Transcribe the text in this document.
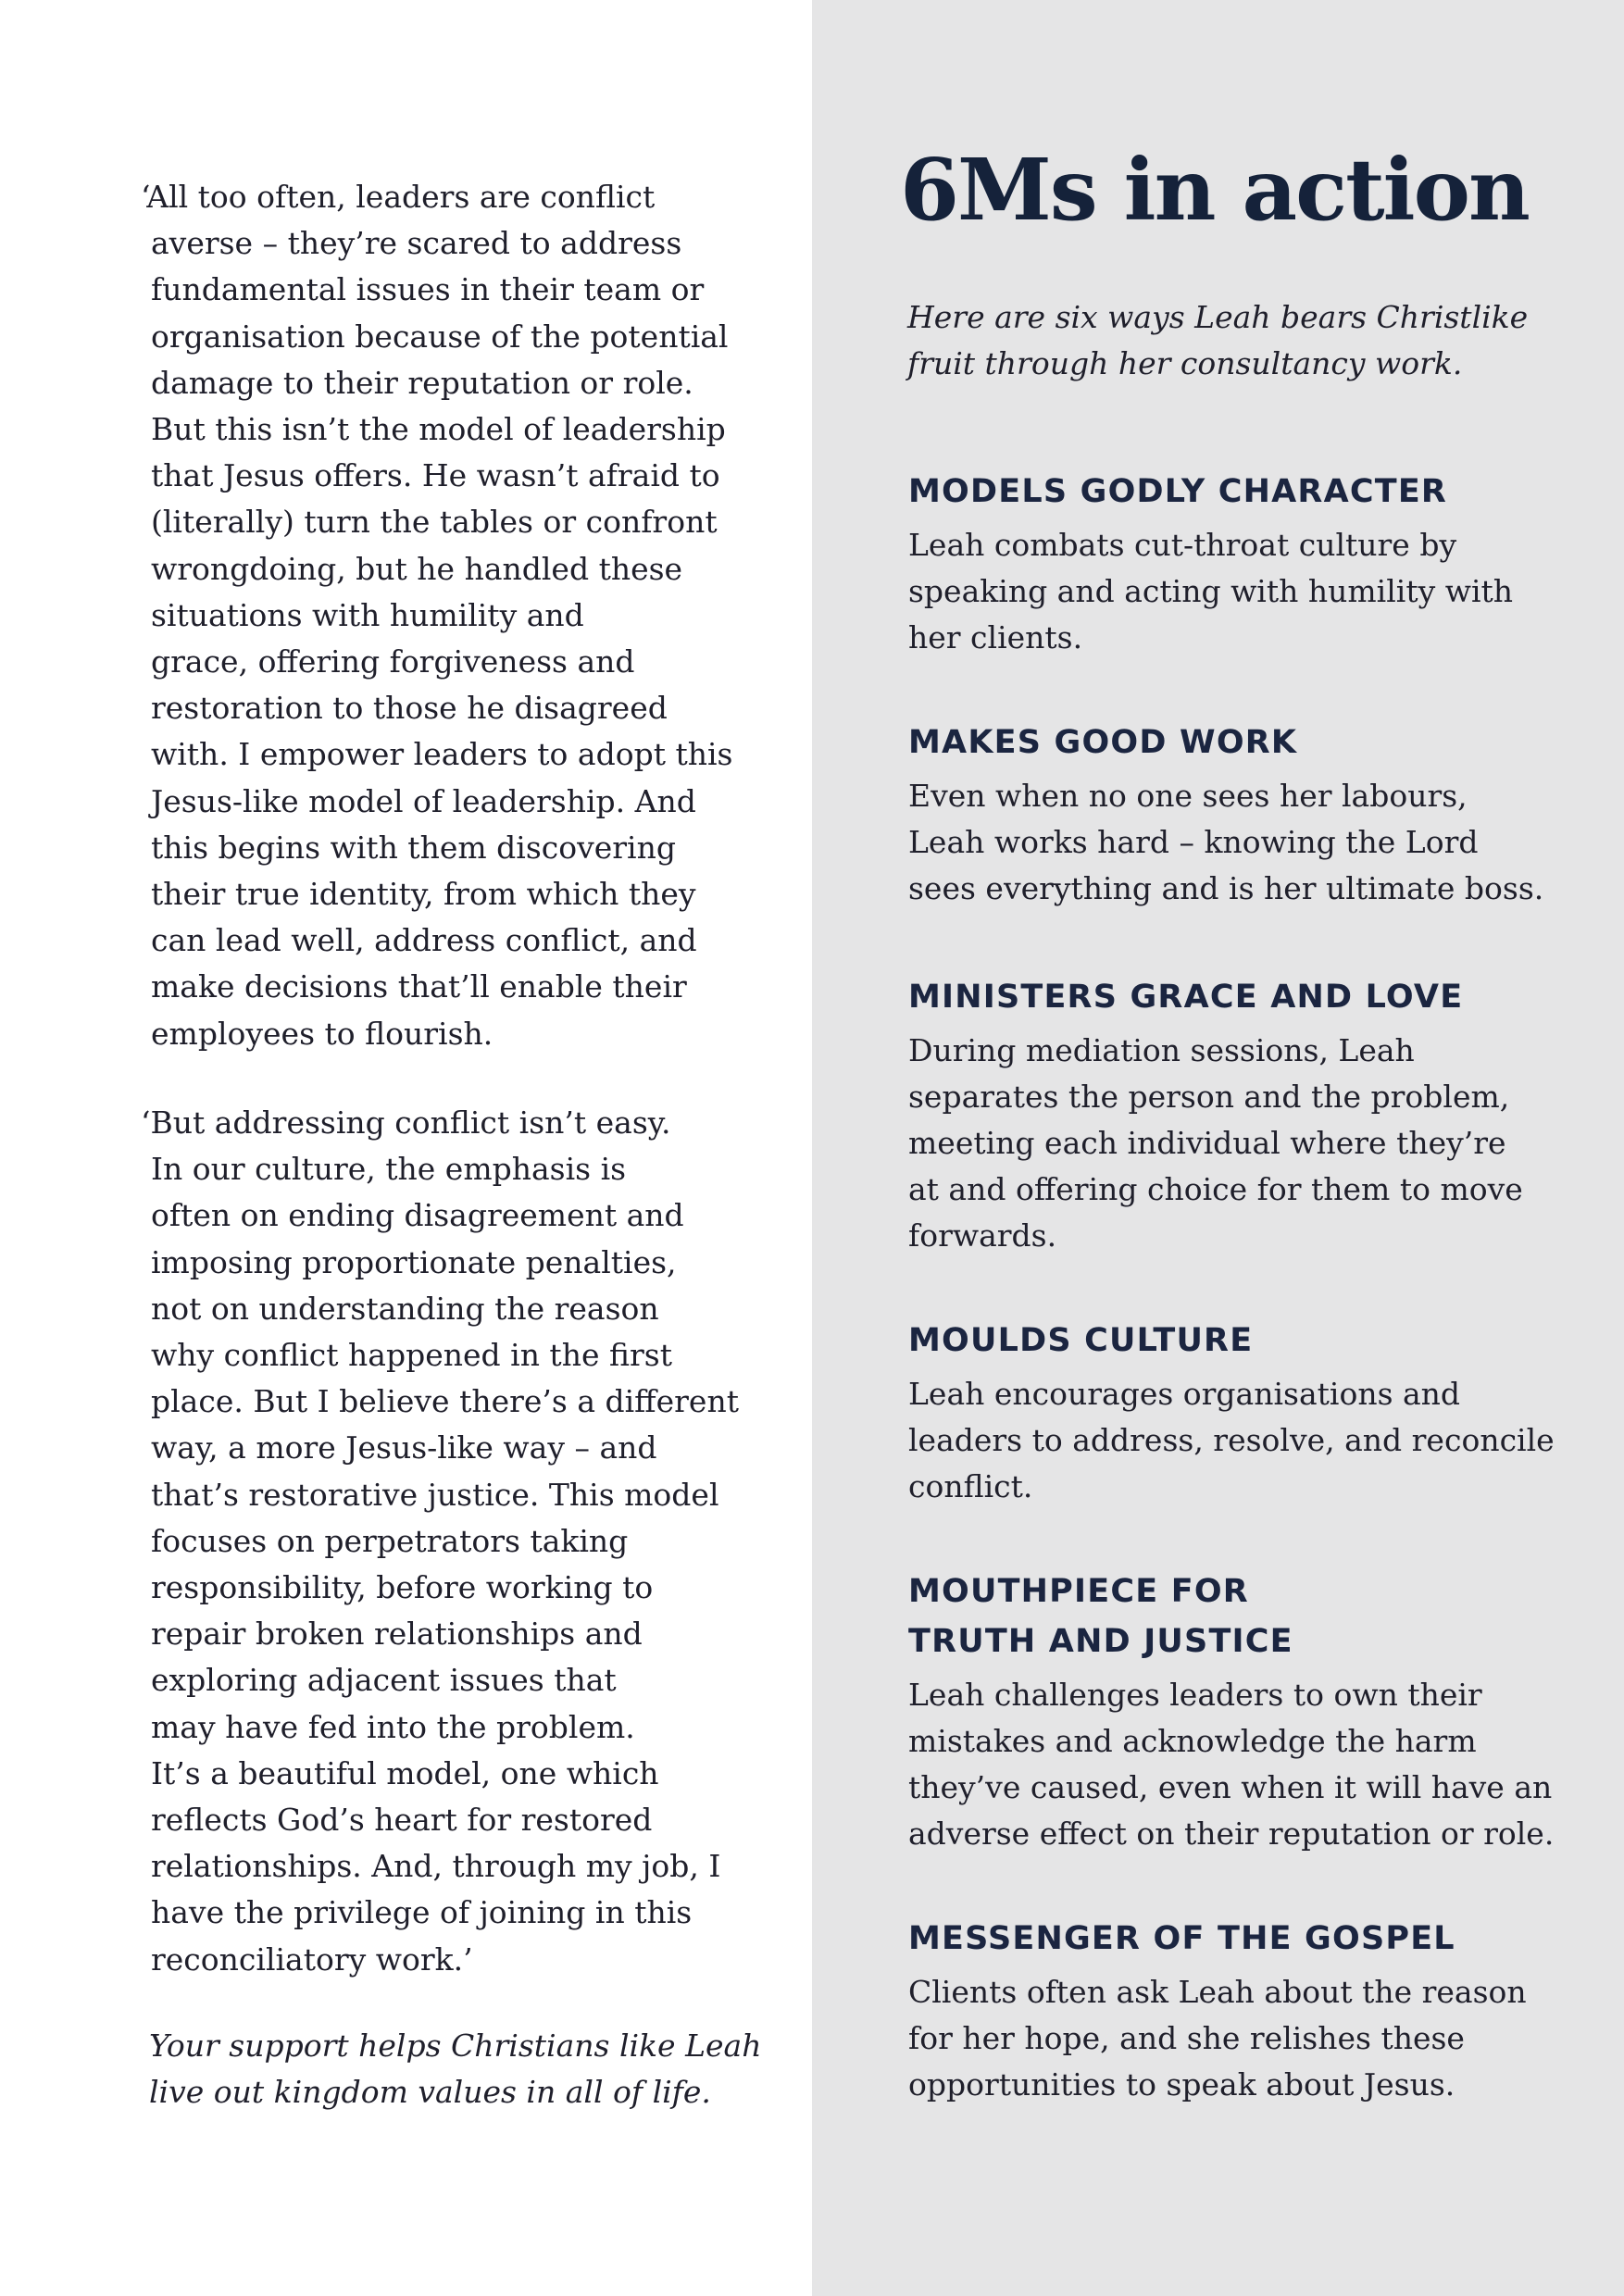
‘All too often, leaders are conflict
averse – they’re scared to address
fundamental issues in their team or
organisation because of the potential
damage to their reputation or role.
But this isn’t the model of leadership
that Jesus offers. He wasn’t afraid to
(literally) turn the tables or confront
wrongdoing, but he handled these
situations with humility and
grace, offering forgiveness and
restoration to those he disagreed
with. I empower leaders to adopt this
Jesus-like model of leadership. And
this begins with them discovering
their true identity, from which they
can lead well, address conflict, and
make decisions that’ll enable their
employees to flourish.

‘But addressing conflict isn’t easy.
In our culture, the emphasis is
often on ending disagreement and
imposing proportionate penalties,
not on understanding the reason
why conflict happened in the first
place. But I believe there’s a different
way, a more Jesus-like way – and
that’s restorative justice. This model
focuses on perpetrators taking
responsibility, before working to
repair broken relationships and
exploring adjacent issues that
may have fed into the problem.
It’s a beautiful model, one which
reflects God’s heart for restored
relationships. And, through my job, I
have the privilege of joining in this
reconciliatory work.’

Your support helps Christians like Leah
live out kingdom values in all of life.

6Ms in action

Here are six ways Leah bears Christlike
fruit through her consultancy work.

MODELS GODLY CHARACTER

Leah combats cut-throat culture by
speaking and acting with humility with
her clients.

MAKES GOOD WORK

Even when no one sees her labours,
Leah works hard – knowing the Lord
sees everything and is her ultimate boss.

MINISTERS GRACE AND LOVE

During mediation sessions, Leah
separates the person and the problem,
meeting each individual where they’re
at and offering choice for them to move
forwards.

MOULDS CULTURE

Leah encourages organisations and
leaders to address, resolve, and reconcile
conflict.

MOUTHPIECE FOR
TRUTH AND JUSTICE

Leah challenges leaders to own their
mistakes and acknowledge the harm
they’ve caused, even when it will have an
adverse effect on their reputation or role.

MESSENGER OF THE GOSPEL

Clients often ask Leah about the reason
for her hope, and she relishes these
opportunities to speak about Jesus.
